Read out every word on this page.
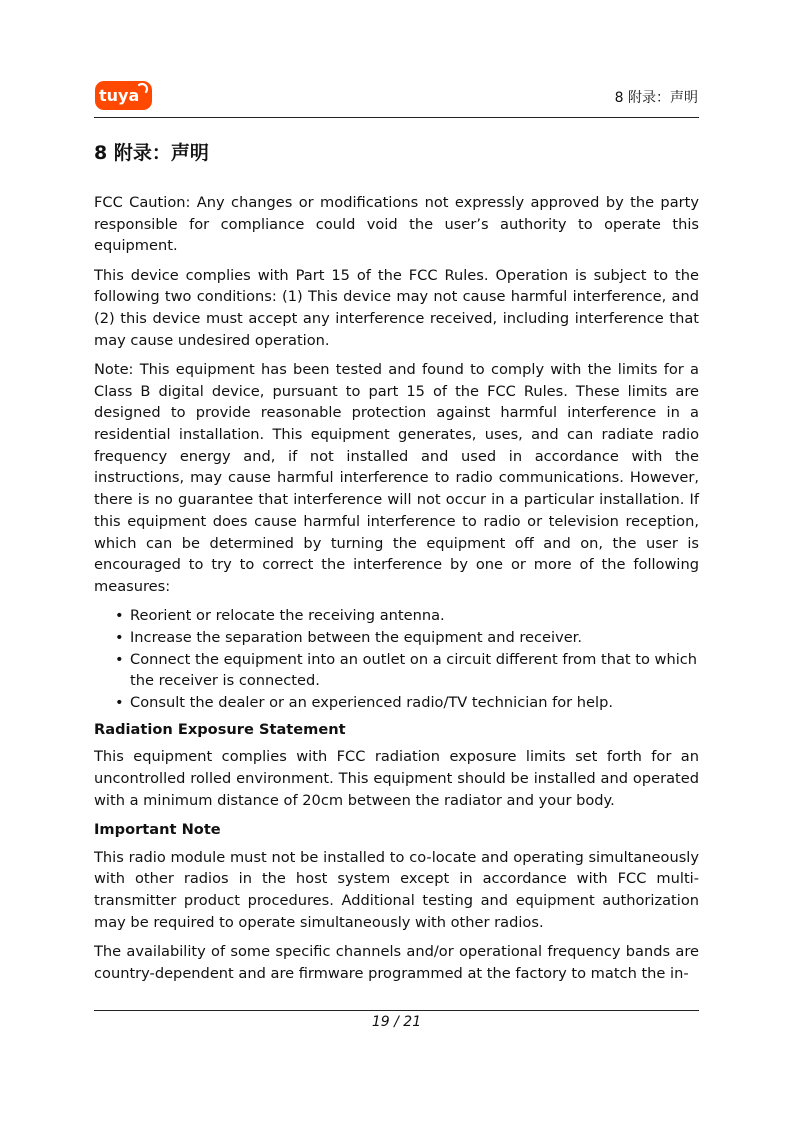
tuya	8 附录：声明
8 附录：声明

FCC Caution: Any changes or modifications not expressly approved by the party responsible for compliance could void the user’s authority to operate this equipment.

This device complies with Part 15 of the FCC Rules. Operation is subject to the following two conditions: (1) This device may not cause harmful interference, and (2) this device must accept any interference received, including interference that may cause undesired operation.

Note: This equipment has been tested and found to comply with the limits for a Class B digital device, pursuant to part 15 of the FCC Rules. These limits are designed to provide reasonable protection against harmful interference in a residential installation. This equipment generates, uses, and can radiate radio frequency energy and, if not installed and used in accordance with the instructions, may cause harmful interference to radio communications. However, there is no guarantee that interference will not occur in a particular installation. If this equipment does cause harmful interference to radio or television reception, which can be determined by turning the equipment off and on, the user is encouraged to try to correct the interference by one or more of the following measures:

• Reorient or relocate the receiving antenna.
• Increase the separation between the equipment and receiver.
• Connect the equipment into an outlet on a circuit different from that to which the receiver is connected.
• Consult the dealer or an experienced radio/TV technician for help.
Radiation Exposure Statement

This equipment complies with FCC radiation exposure limits set forth for an uncontrolled rolled environment. This equipment should be installed and operated with a minimum distance of 20cm between the radiator and your body.

Important Note

This radio module must not be installed to co-locate and operating simultaneously with other radios in the host system except in accordance with FCC multi-transmitter product procedures. Additional testing and equipment authorization may be required to operate simultaneously with other radios.

The availability of some specific channels and/or operational frequency bands are country-dependent and are firmware programmed at the factory to match the in-

19 / 21
